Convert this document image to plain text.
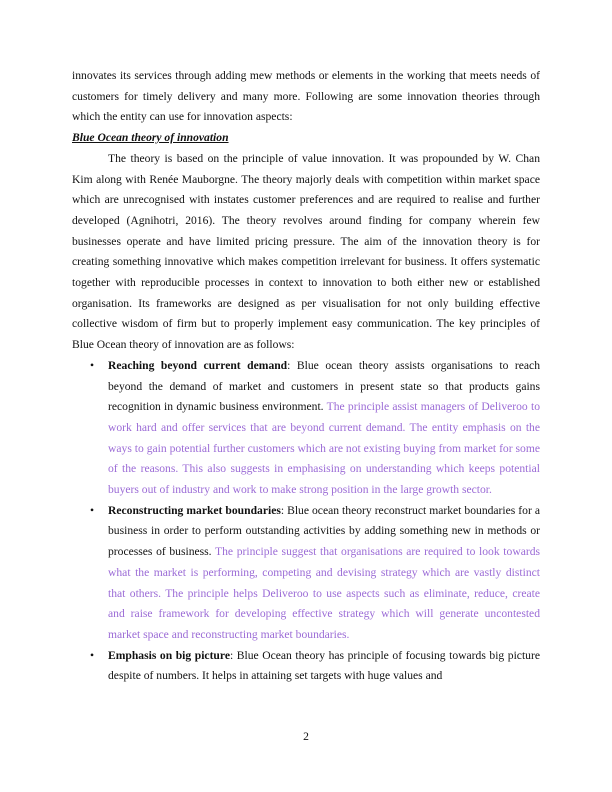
innovates its services through adding mew methods or elements in the working that meets needs of customers for timely delivery and many more. Following are some innovation theories through which the entity can use for innovation aspects:

Blue Ocean theory of innovation

The theory is based on the principle of value innovation. It was propounded by W. Chan Kim along with Renée Mauborgne. The theory majorly deals with competition within market space which are unrecognised with instates customer preferences and are required to realise and further developed (Agnihotri, 2016). The theory revolves around finding for company wherein few businesses operate and have limited pricing pressure. The aim of the innovation theory is for creating something innovative which makes competition irrelevant for business. It offers systematic together with reproducible processes in context to innovation to both either new or established organisation. Its frameworks are designed as per visualisation for not only building effective collective wisdom of firm but to properly implement easy communication. The key principles of Blue Ocean theory of innovation are as follows:

• Reaching beyond current demand: Blue ocean theory assists organisations to reach beyond the demand of market and customers in present state so that products gains recognition in dynamic business environment. The principle assist managers of Deliveroo to work hard and offer services that are beyond current demand. The entity emphasis on the ways to gain potential further customers which are not existing buying from market for some of the reasons. This also suggests in emphasising on understanding which keeps potential buyers out of industry and work to make strong position in the large growth sector.
• Reconstructing market boundaries: Blue ocean theory reconstruct market boundaries for a business in order to perform outstanding activities by adding something new in methods or processes of business. The principle suggest that organisations are required to look towards what the market is performing, competing and devising strategy which are vastly distinct that others. The principle helps Deliveroo to use aspects such as eliminate, reduce, create and raise framework for developing effective strategy which will generate uncontested market space and reconstructing market boundaries.
• Emphasis on big picture: Blue Ocean theory has principle of focusing towards big picture despite of numbers. It helps in attaining set targets with huge values and
2
